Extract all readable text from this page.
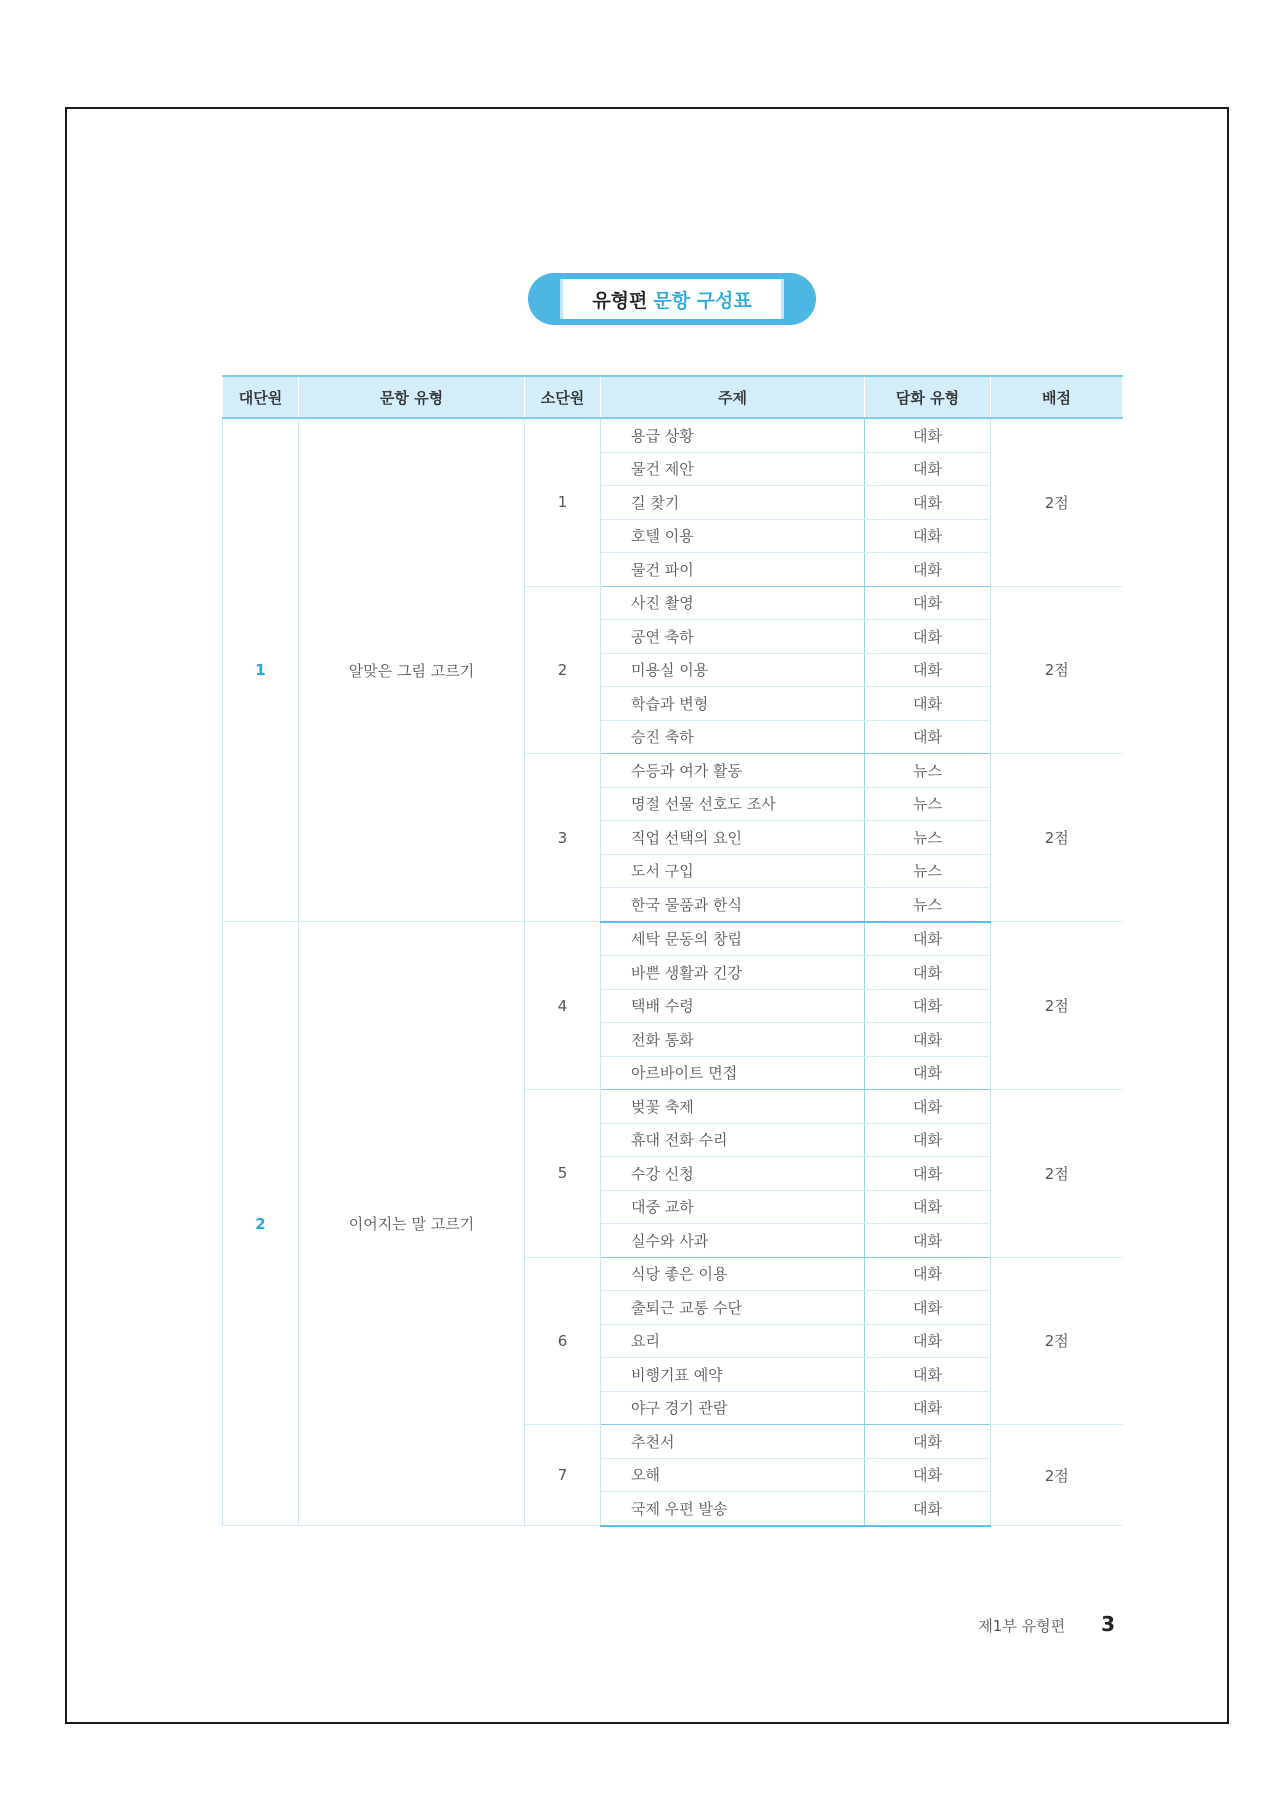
유형편 문항 구성표
대단원	문항 유형	소단원	주제	담화 유형	배점
1	알맞은 그림 고르기	1	용급 상황	대화	2점
			물건 제안	대화	
			길 찾기	대화	
			호텔 이용	대화	
			물건 파이	대화	
		2	사진 촬영	대화	2점
			공연 축하	대화	
			미용실 이용	대화	
			학습과 변형	대화	
			승진 축하	대화	
		3	수등과 여가 활동	뉴스	2점
			명절 선물 선호도 조사	뉴스	
			직업 선택의 요인	뉴스	
			도서 구입	뉴스	
			한국 물품과 한식	뉴스	
2	이어지는 말 고르기	4	세탁 문동의 창립	대화	2점
			바쁜 생활과 긴강	대화	
			택배 수령	대화	
			전화 통화	대화	
			아르바이트 면접	대화	
		5	벚꽃 축제	대화	2점
			휴대 전화 수리	대화	
			수강 신청	대화	
			대중 교하	대화	
			실수와 사과	대화	
		6	식당 좋은 이용	대화	2점
			출퇴근 교통 수단	대화	
			요리	대화	
			비행기표 예약	대화	
			야구 경기 관람	대화	
		7	추천서	대화	2점
			오해	대화	
			국제 우편 발송	대화	
제1부 유형편 3
